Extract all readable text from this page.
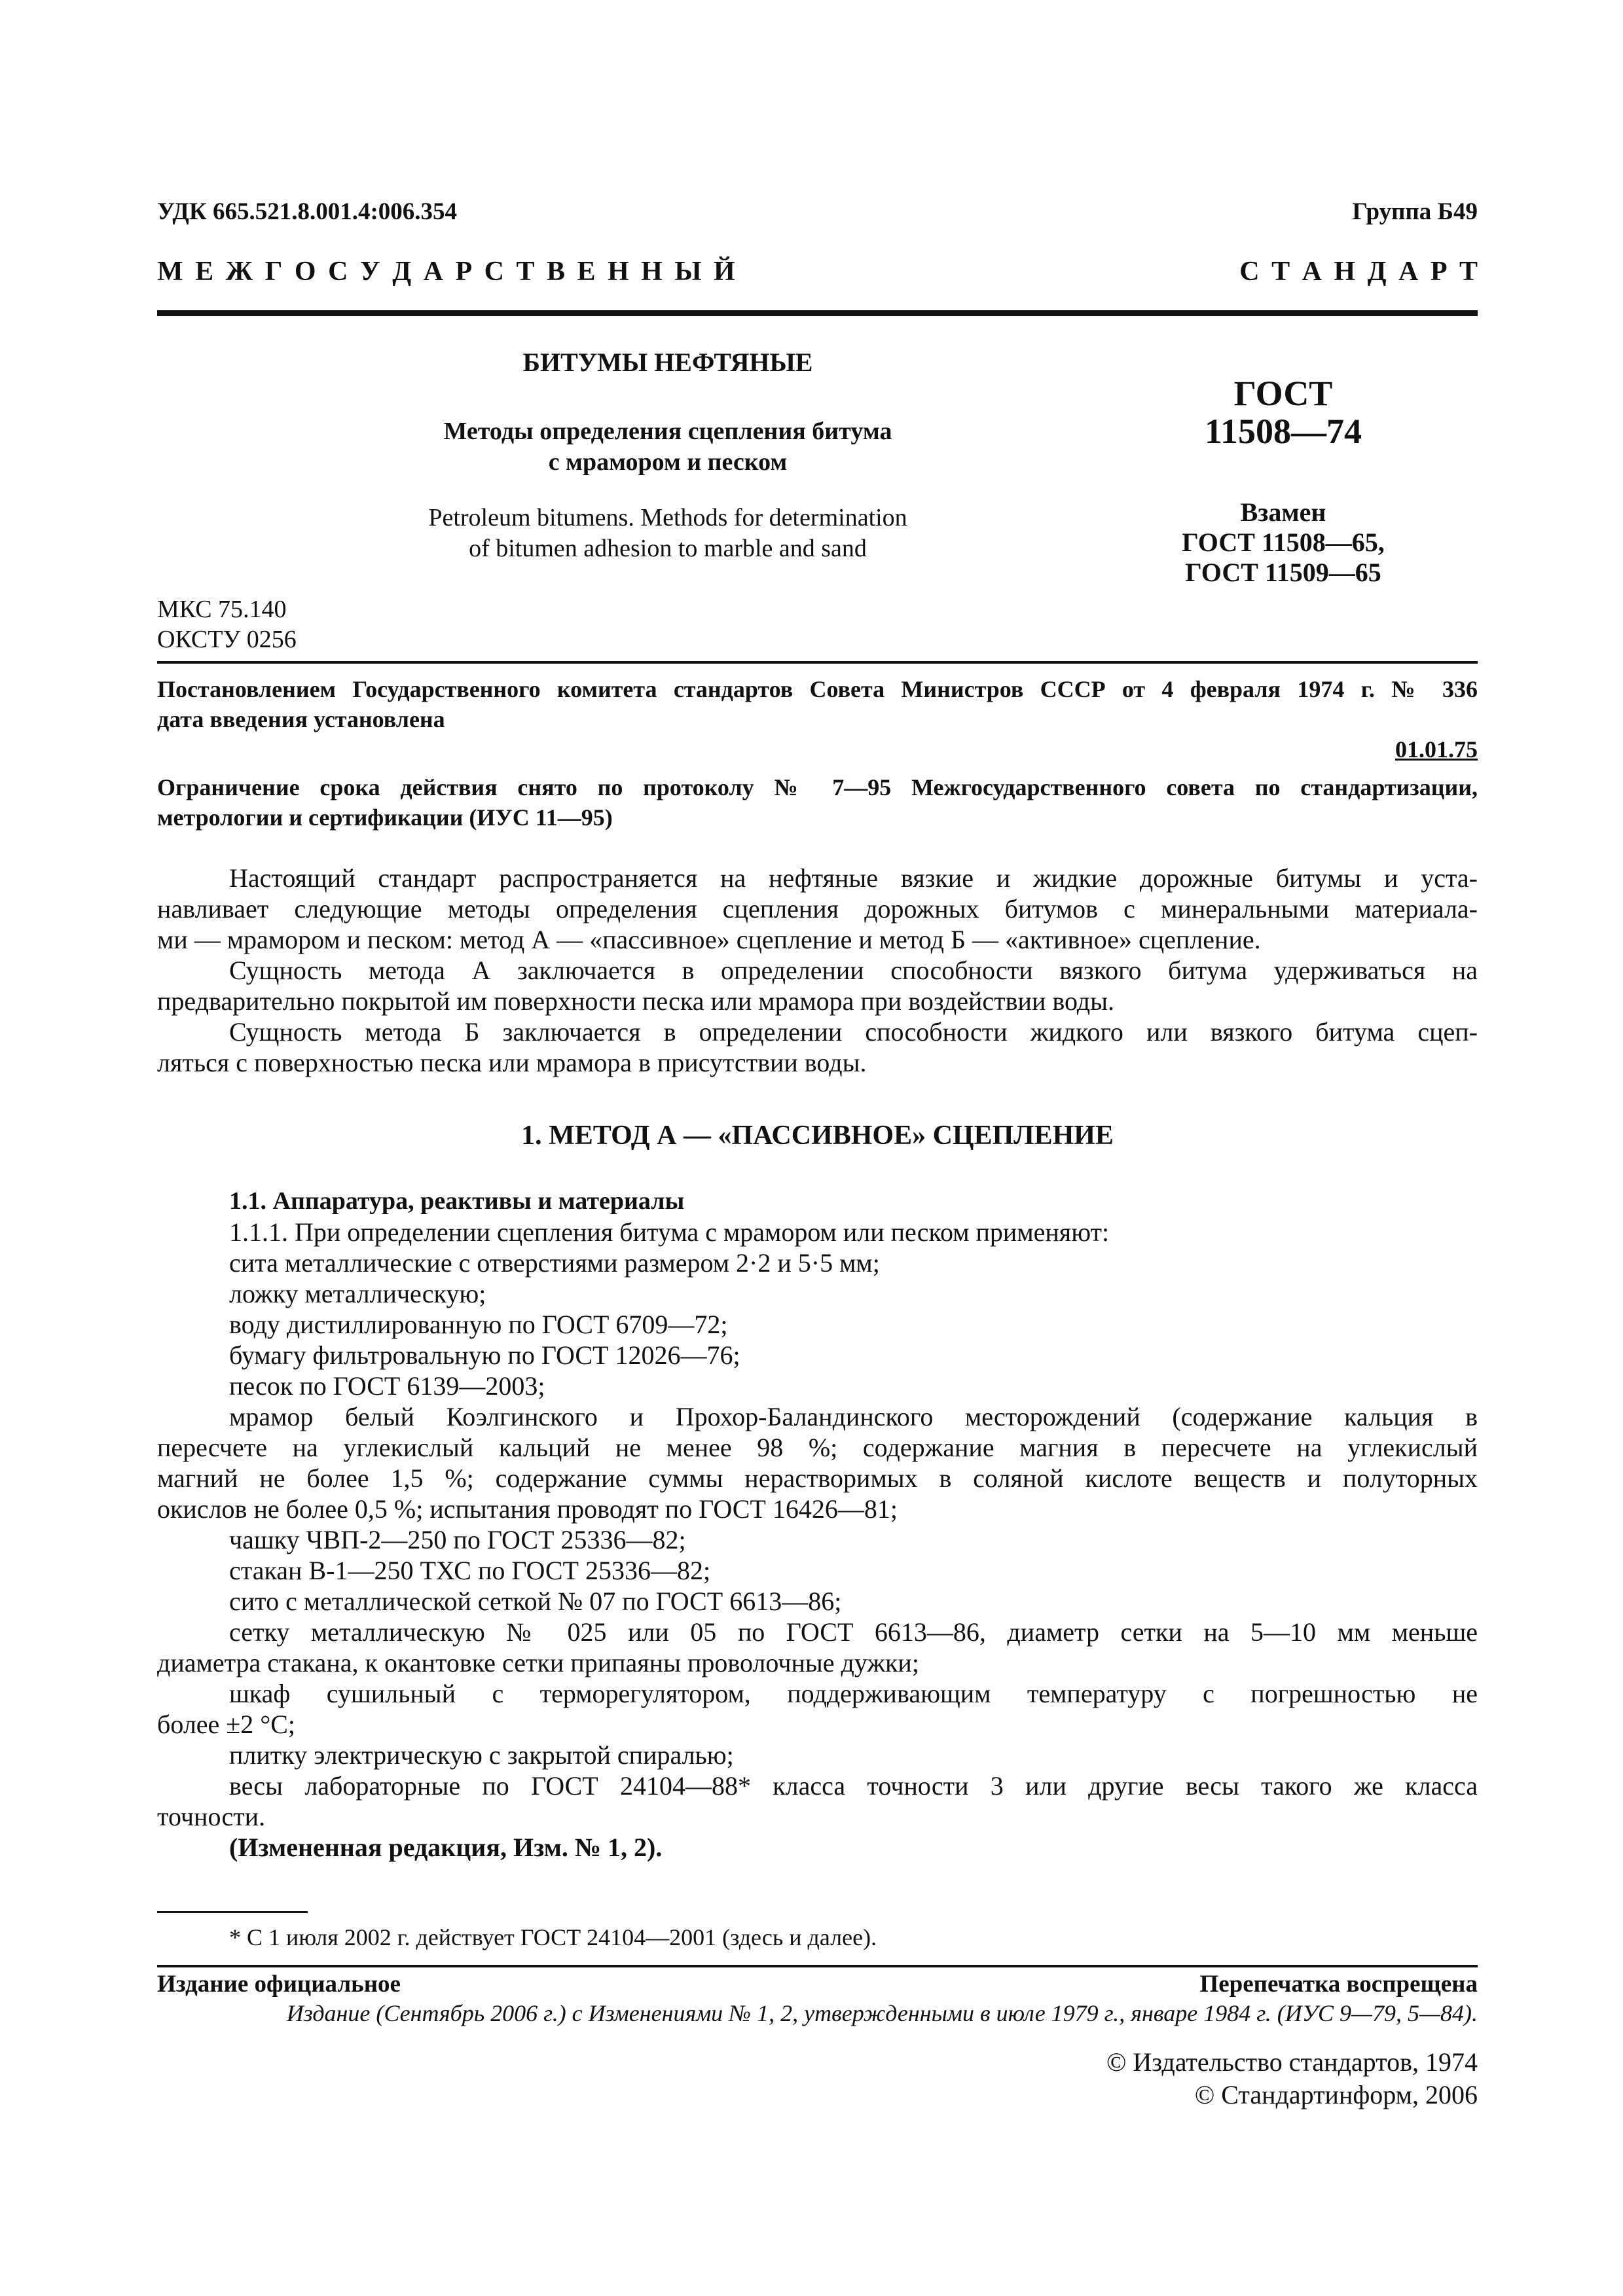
УДК 665.521.8.001.4:006.354	Группа Б49
М Е Ж Г О С У Д А Р С Т В Е Н Н Ы Й	С Т А Н Д А Р Т
БИТУМЫ НЕФТЯНЫЕ
Методы определения сцепления битума
с мрамором и песком
Petroleum bitumens. Methods for determination
of bitumen adhesion to marble and sand
ГОСТ
11508—74
Взамен
ГОСТ 11508—65,
ГОСТ 11509—65
МКС 75.140
ОКСТУ 0256
Постановлением Государственного комитета стандартов Совета Министров СССР от 4 февраля 1974 г. № 336
дата введения установлена
01.01.75
Ограничение срока действия снято по протоколу № 7—95 Межгосударственного совета по стандартизации,
метрологии и сертификации (ИУС 11—95)

Настоящий стандарт распространяется на нефтяные вязкие и жидкие дорожные битумы и уста-

навливает следующие методы определения сцепления дорожных битумов с минеральными материала-

ми — мрамором и песком: метод А — «пассивное» сцепление и метод Б — «активное» сцепление.

Сущность метода А заключается в определении способности вязкого битума удерживаться на

предварительно покрытой им поверхности песка или мрамора при воздействии воды.

Сущность метода Б заключается в определении способности жидкого или вязкого битума сцеп-

ляться с поверхностью песка или мрамора в присутствии воды.

1. МЕТОД А — «ПАССИВНОЕ» СЦЕПЛЕНИЕ

1.1. Аппаратура, реактивы и материалы

1.1.1. При определении сцепления битума с мрамором или песком применяют:

сита металлические с отверстиями размером 2·2 и 5·5 мм;

ложку металлическую;

воду дистиллированную по ГОСТ 6709—72;

бумагу фильтровальную по ГОСТ 12026—76;

песок по ГОСТ 6139—2003;

мрамор белый Коэлгинского и Прохор-Баландинского месторождений (содержание кальция в

пересчете на углекислый кальций не менее 98 %; содержание магния в пересчете на углекислый

магний не более 1,5 %; содержание суммы нерастворимых в соляной кислоте веществ и полуторных

окислов не более 0,5 %; испытания проводят по ГОСТ 16426—81;

чашку ЧВП-2—250 по ГОСТ 25336—82;

стакан В-1—250 ТХС по ГОСТ 25336—82;

сито с металлической сеткой № 07 по ГОСТ 6613—86;

сетку металлическую № 025 или 05 по ГОСТ 6613—86, диаметр сетки на 5—10 мм меньше

диаметра стакана, к окантовке сетки припаяны проволочные дужки;

шкаф сушильный с терморегулятором, поддерживающим температуру с погрешностью не

более ±2 °С;

плитку электрическую с закрытой спиралью;

весы лабораторные по ГОСТ 24104—88* класса точности 3 или другие весы такого же класса

точности.

(Измененная редакция, Изм. № 1, 2).

* С 1 июля 2002 г. действует ГОСТ 24104—2001 (здесь и далее).
Издание официальное	Перепечатка воспрещена
Издание (Сентябрь 2006 г.) с Изменениями № 1, 2, утвержденными в июле 1979 г., январе 1984 г. (ИУС 9—79, 5—84).
© Издательство стандартов, 1974
© Стандартинформ, 2006
